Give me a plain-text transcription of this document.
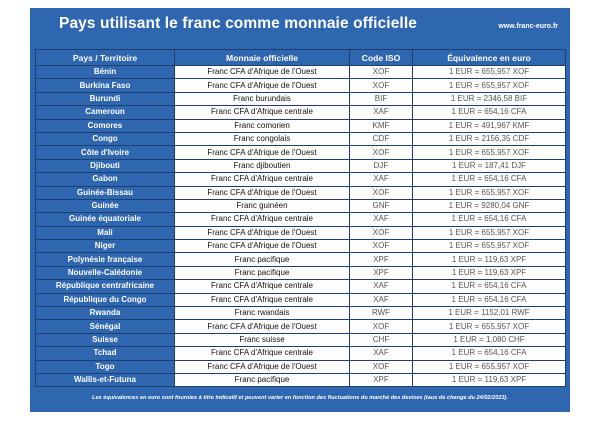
Pays utilisant le franc comme monnaie officielle	www.franc-euro.fr
Pays / Territoire	Monnaie officielle	Code ISO	Équivalence en euro
Bénin	Franc CFA d'Afrique de l'Ouest	XOF	1 EUR = 655,957 XOF
Burkina Faso	Franc CFA d'Afrique de l'Ouest	XOF	1 EUR = 655,957 XOF
Burundi	Franc burundais	BIF	1 EUR = 2346,58 BIF
Cameroun	Franc CFA d'Afrique centrale	XAF	1 EUR = 654,16 CFA
Comores	Franc comorien	KMF	1 EUR = 491,967 KMF
Congo	Franc congolais	CDF	1 EUR = 2156,35 CDF
Côte d'Ivoire	Franc CFA d'Afrique de l'Ouest	XOF	1 EUR = 655,957 XOF
Djibouti	Franc djiboutien	DJF	1 EUR = 187,41 DJF
Gabon	Franc CFA d'Afrique centrale	XAF	1 EUR = 654,16 CFA
Guinée-Bissau	Franc CFA d'Afrique de l'Ouest	XOF	1 EUR = 655,957 XOF
Guinée	Franc guinéen	GNF	1 EUR = 9280,04 GNF
Guinée équatoriale	Franc CFA d'Afrique centrale	XAF	1 EUR = 654,16 CFA
Mali	Franc CFA d'Afrique de l'Ouest	XOF	1 EUR = 655,957 XOF
Niger	Franc CFA d'Afrique de l'Ouest	XOF	1 EUR = 655,957 XOF
Polynésie française	Franc pacifique	XPF	1 EUR = 119,63 XPF
Nouvelle-Calédonie	Franc pacifique	XPF	1 EUR = 119,63 XPF
République centrafricaine	Franc CFA d'Afrique centrale	XAF	1 EUR = 654,16 CFA
République du Congo	Franc CFA d'Afrique centrale	XAF	1 EUR = 654,16 CFA
Rwanda	Franc rwandais	RWF	1 EUR = 1152,01 RWF
Sénégal	Franc CFA d'Afrique de l'Ouest	XOF	1 EUR = 655,957 XOF
Suisse	Franc suisse	CHF	1 EUR = 1,080 CHF
Tchad	Franc CFA d'Afrique centrale	XAF	1 EUR = 654,16 CFA
Togo	Franc CFA d'Afrique de l'Ouest	XOF	1 EUR = 655,957 XOF
Wallis-et-Futuna	Franc pacifique	XPF	1 EUR = 119,63 XPF
Les équivalences en euro sont fournies à titre indicatif et peuvent varier en fonction des fluctuations du marché des devises (taux de change du 24/02/2023).
